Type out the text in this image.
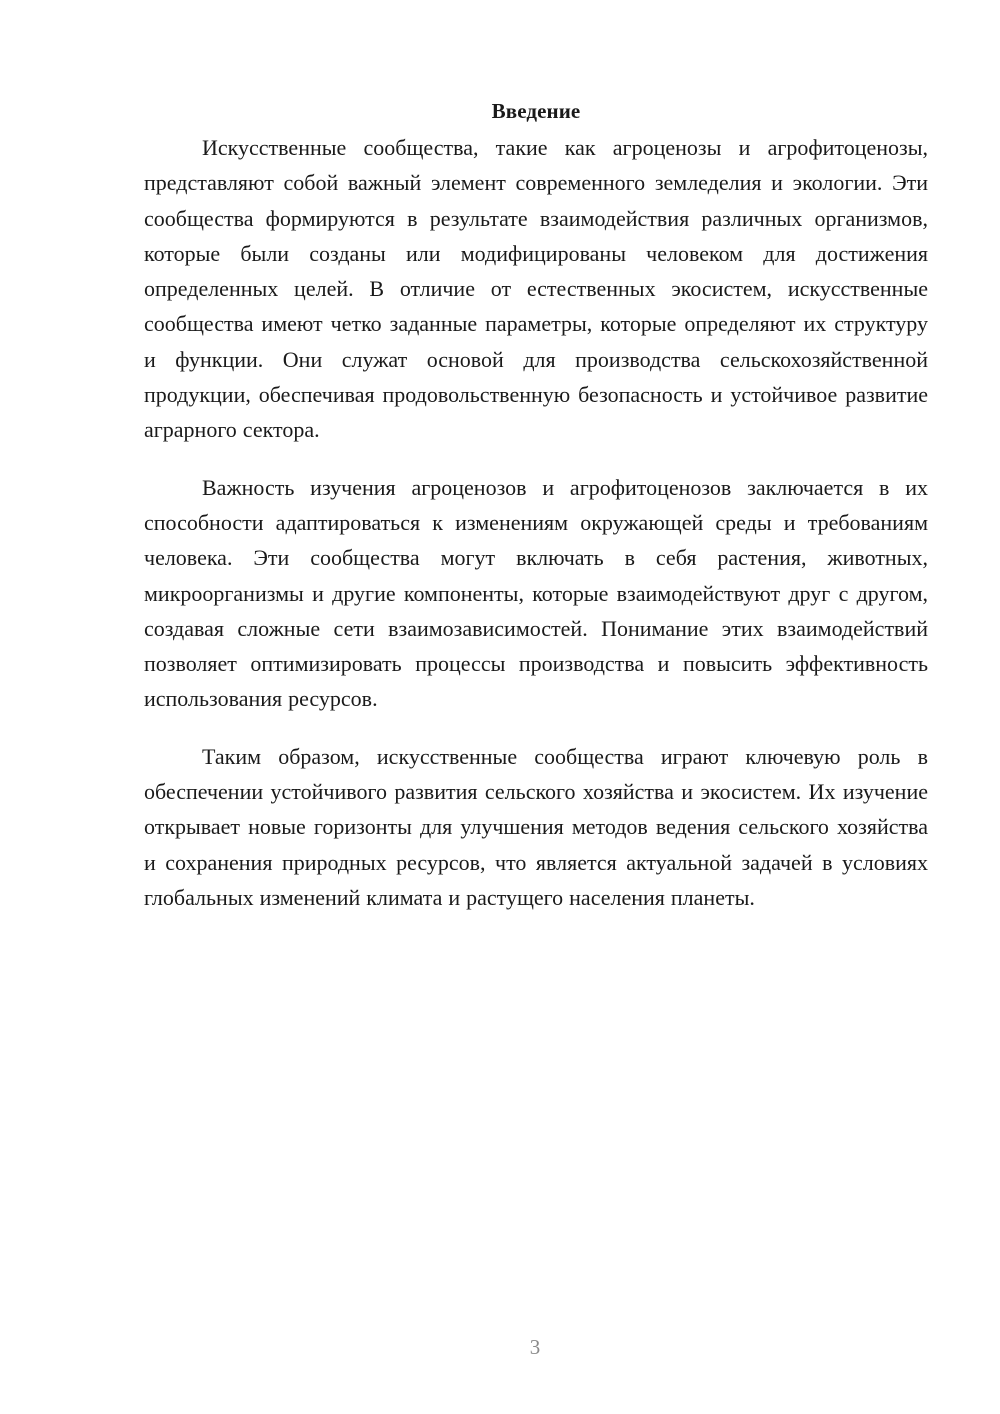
Введение

Искусственные сообщества, такие как агроценозы и агрофитоценозы, представляют собой важный элемент современного земледелия и экологии. Эти сообщества формируются в результате взаимодействия различных организмов, которые были созданы или модифицированы человеком для достижения определенных целей. В отличие от естественных экосистем, искусственные сообщества имеют четко заданные параметры, которые определяют их структуру и функции. Они служат основой для производства сельскохозяйственной продукции, обеспечивая продовольственную безопасность и устойчивое развитие аграрного сектора.

Важность изучения агроценозов и агрофитоценозов заключается в их способности адаптироваться к изменениям окружающей среды и требованиям человека. Эти сообщества могут включать в себя растения, животных, микроорганизмы и другие компоненты, которые взаимодействуют друг с другом, создавая сложные сети взаимозависимостей. Понимание этих взаимодействий позволяет оптимизировать процессы производства и повысить эффективность использования ресурсов.

Таким образом, искусственные сообщества играют ключевую роль в обеспечении устойчивого развития сельского хозяйства и экосистем. Их изучение открывает новые горизонты для улучшения методов ведения сельского хозяйства и сохранения природных ресурсов, что является актуальной задачей в условиях глобальных изменений климата и растущего населения планеты.

3
